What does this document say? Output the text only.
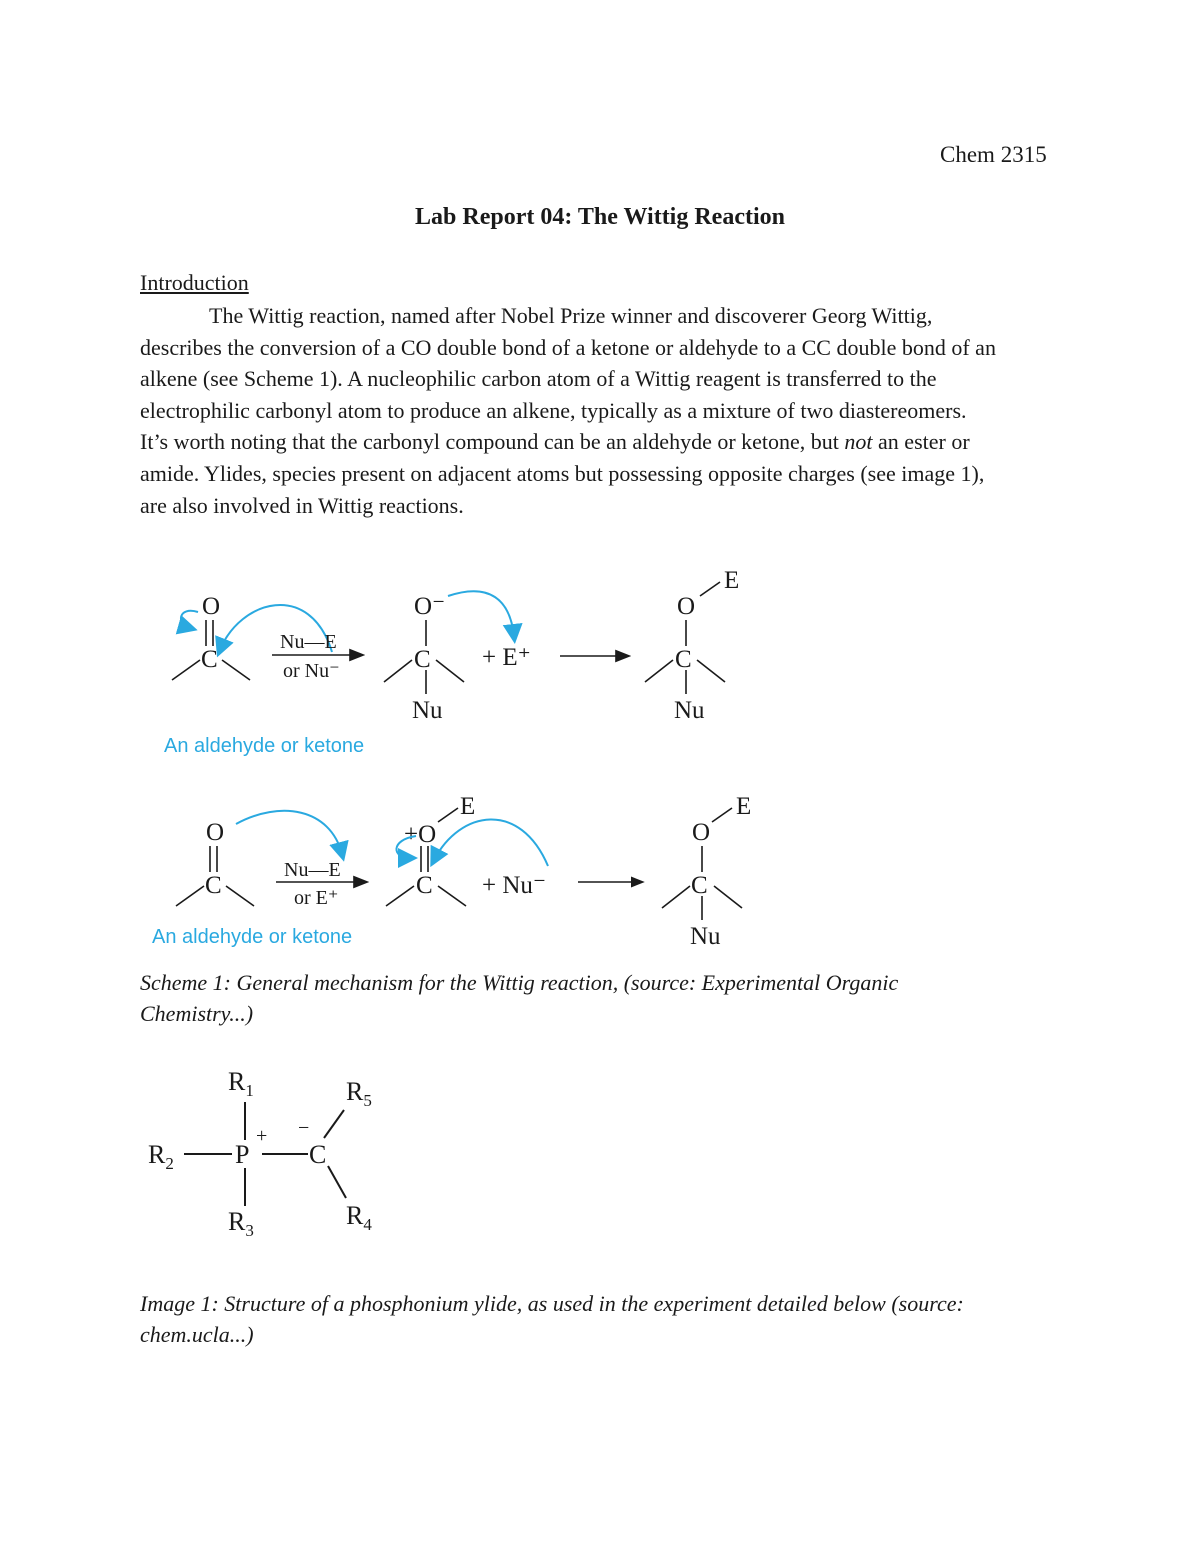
Chem 2315
Lab Report 04: The Wittig Reaction
Introduction
The Wittig reaction, named after Nobel Prize winner and discoverer Georg Wittig,
describes the conversion of a CO double bond of a ketone or aldehyde to a CC double bond of an
alkene (see Scheme 1). A nucleophilic carbon atom of a Wittig reagent is transferred to the
electrophilic carbonyl atom to produce an alkene, typically as a mixture of two diastereomers.
It’s worth noting that the carbonyl compound can be an aldehyde or ketone, but not an ester or
amide. Ylides, species present on adjacent atoms but possessing opposite charges (see image 1),
are also involved in Wittig reactions.
O
C
An aldehyde or ketone
Nu—E
or Nu⁻
O⁻
C
Nu
+ E⁺
E
O
C
Nu
O
C
An aldehyde or ketone
Nu—E
or E⁺
+O
E
C + Nu⁻
E
O
C
Nu
$R_1$
$R_2$ P
+
$R_3$
−
C
$R_5$
$R_4$
Scheme 1: General mechanism for the Wittig reaction, (source: Experimental Organic
Chemistry...)
Image 1: Structure of a phosphonium ylide, as used in the experiment detailed below (source:
chem.ucla...)
